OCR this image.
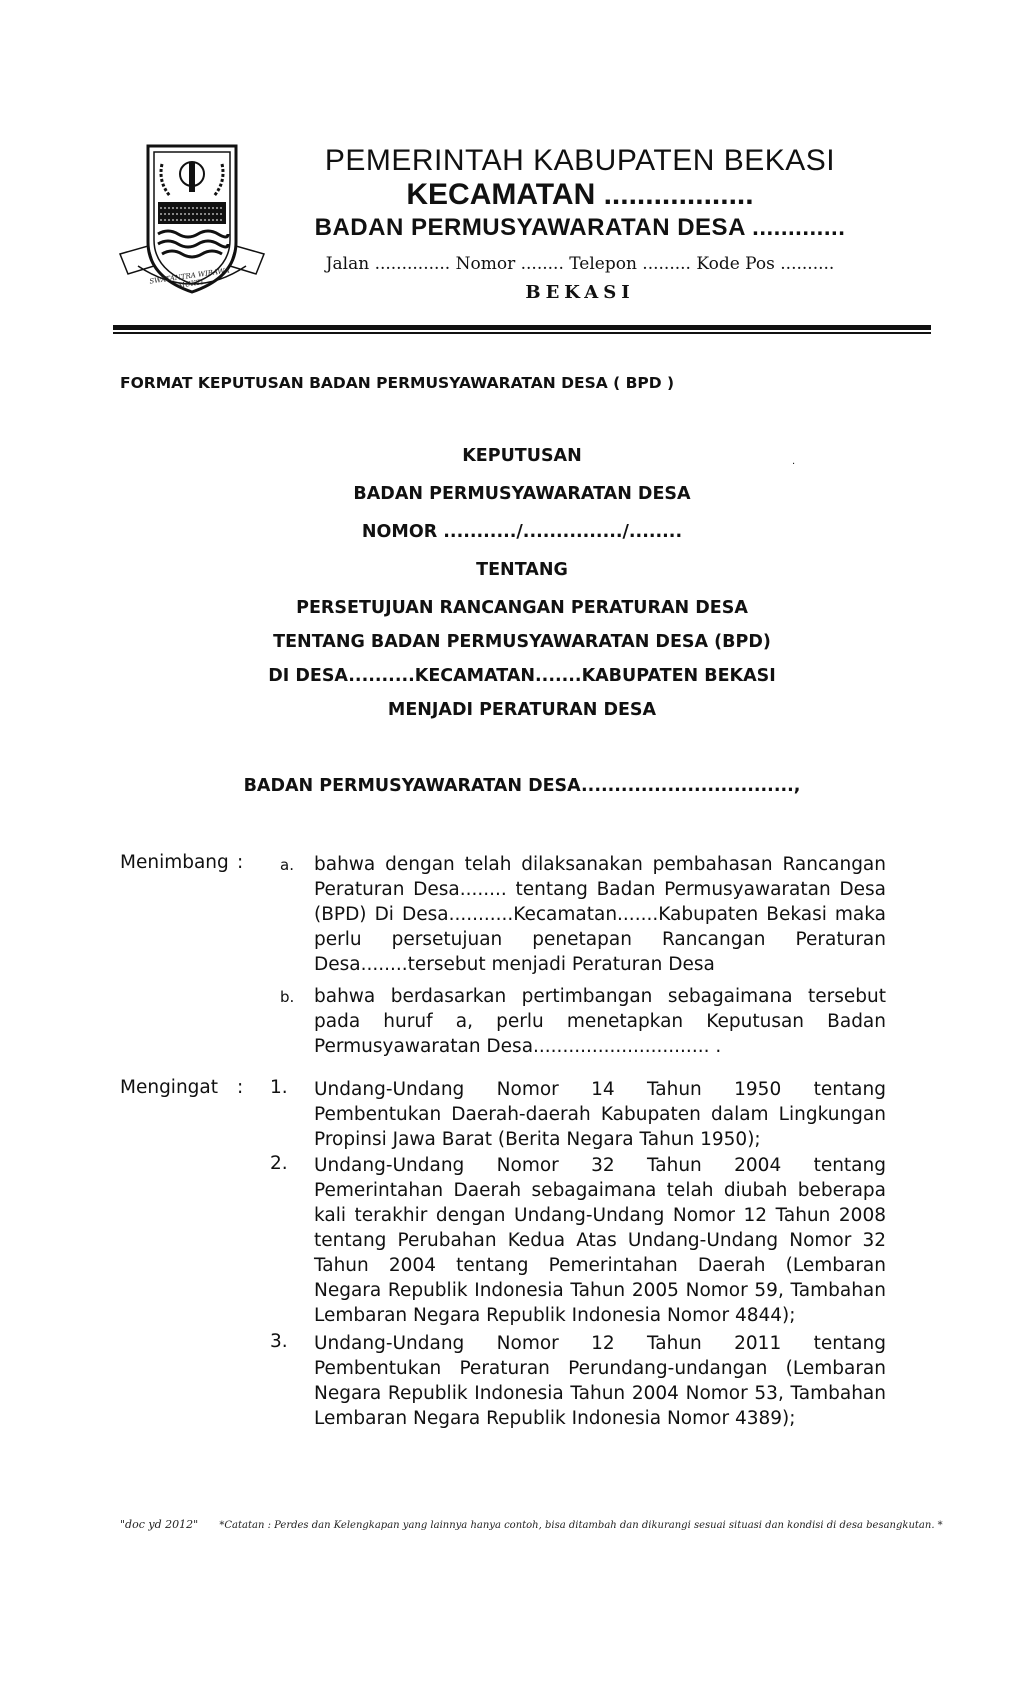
SWATANTRA WIBAWA MUKTI
PEMERINTAH KABUPATEN BEKASI
KECAMATAN ..................
BADAN PERMUSYAWARATAN DESA .............
Jalan .............. Nomor ........ Telepon ......... Kode Pos ..........
BEKASI
FORMAT KEPUTUSAN BADAN PERMUSYAWARATAN DESA ( BPD )
KEPUTUSAN	.
BADAN PERMUSYAWARATAN DESA
NOMOR .........../.............../........
TENTANG
PERSETUJUAN RANCANGAN PERATURAN DESA
TENTANG BADAN PERMUSYAWARATAN DESA (BPD)
DI DESA..........KECAMATAN.......KABUPATEN BEKASI
MENJADI PERATURAN DESA
BADAN PERMUSYAWARATAN DESA................................,
Menimbang : a. bahwa dengan telah dilaksanakan pembahasan Rancangan Peraturan Desa........ tentang Badan Permusyawaratan Desa (BPD) Di Desa...........Kecamatan.......Kabupaten Bekasi maka perlu persetujuan penetapan Rancangan Peraturan Desa........tersebut menjadi Peraturan Desa
b. bahwa berdasarkan pertimbangan sebagaimana tersebut pada huruf a, perlu menetapkan Keputusan Badan Permusyawaratan Desa.............................. .
Mengingat : 1. Undang-Undang Nomor 14 Tahun 1950 tentang Pembentukan Daerah-daerah Kabupaten dalam Lingkungan Propinsi Jawa Barat (Berita Negara Tahun 1950);
2. Undang-Undang Nomor 32 Tahun 2004 tentang Pemerintahan Daerah sebagaimana telah diubah beberapa kali terakhir dengan Undang-Undang Nomor 12 Tahun 2008 tentang Perubahan Kedua Atas Undang-Undang Nomor 32 Tahun 2004 tentang Pemerintahan Daerah (Lembaran Negara Republik Indonesia Tahun 2005 Nomor 59, Tambahan Lembaran Negara Republik Indonesia Nomor 4844);
3. Undang-Undang Nomor 12 Tahun 2011 tentang Pembentukan Peraturan Perundang-undangan (Lembaran Negara Republik Indonesia Tahun 2004 Nomor 53, Tambahan Lembaran Negara Republik Indonesia Nomor 4389);
"doc yd 2012" *Catatan : Perdes dan Kelengkapan yang lainnya hanya contoh, bisa ditambah dan dikurangi sesuai situasi dan kondisi di desa besangkutan. *
